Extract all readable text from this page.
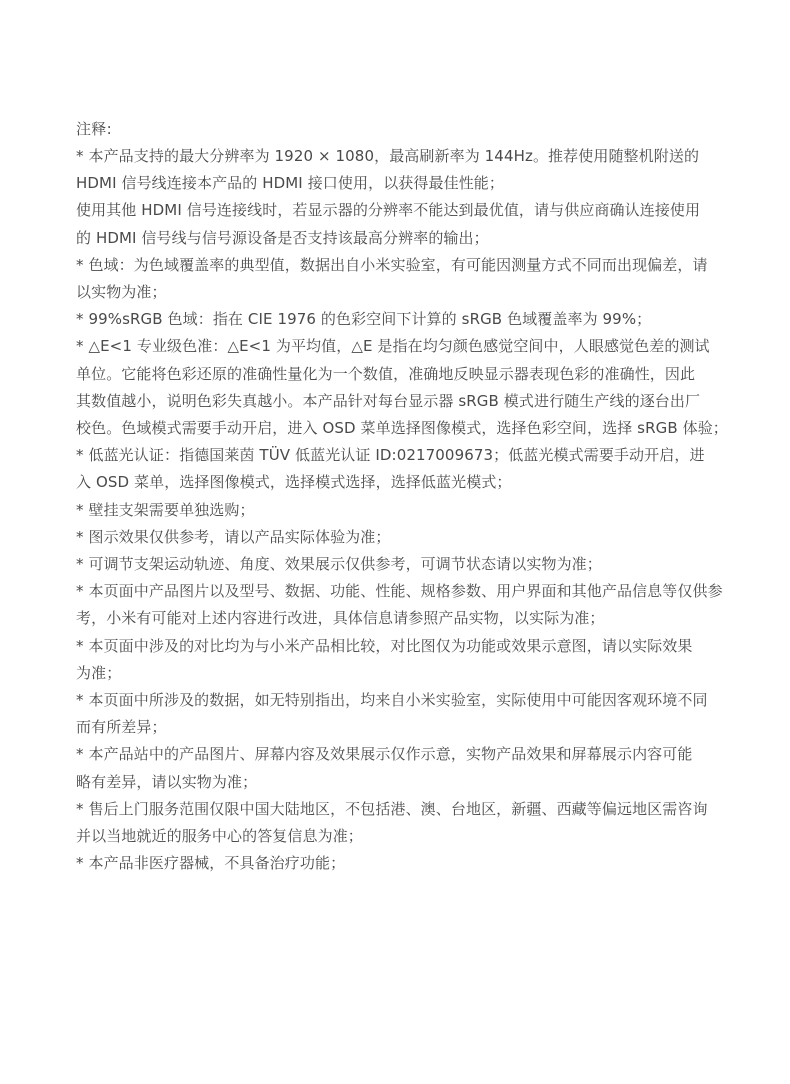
注释:
* 本产品支持的最大分辨率为 1920 × 1080，最高刷新率为 144Hz。推荐使用随整机附送的
HDMI 信号线连接本产品的 HDMI 接口使用，以获得最佳性能；
使用其他 HDMI 信号连接线时，若显示器的分辨率不能达到最优值，请与供应商确认连接使用
的 HDMI 信号线与信号源设备是否支持该最高分辨率的输出；
* 色域：为色域覆盖率的典型值，数据出自小米实验室，有可能因测量方式不同而出现偏差，请
以实物为准；
* 99%sRGB 色域：指在 CIE 1976 的色彩空间下计算的 sRGB 色域覆盖率为 99%；
* △E<1 专业级色准：△E<1 为平均值，△E 是指在均匀颜色感觉空间中，人眼感觉色差的测试
单位。它能将色彩还原的准确性量化为一个数值，准确地反映显示器表现色彩的准确性，因此
其数值越小，说明色彩失真越小。本产品针对每台显示器 sRGB 模式进行随生产线的逐台出厂
校色。色域模式需要手动开启，进入 OSD 菜单选择图像模式，选择色彩空间，选择 sRGB 体验；
* 低蓝光认证：指德国莱茵 TÜV 低蓝光认证 ID:0217009673；低蓝光模式需要手动开启，进
入 OSD 菜单，选择图像模式，选择模式选择，选择低蓝光模式；
* 壁挂支架需要单独选购；
* 图示效果仅供参考，请以产品实际体验为准；
* 可调节支架运动轨迹、角度、效果展示仅供参考，可调节状态请以实物为准；
* 本页面中产品图片以及型号、数据、功能、性能、规格参数、用户界面和其他产品信息等仅供参
考，小米有可能对上述内容进行改进，具体信息请参照产品实物，以实际为准；
* 本页面中涉及的对比均为与小米产品相比较，对比图仅为功能或效果示意图，请以实际效果
为准；
* 本页面中所涉及的数据，如无特别指出，均来自小米实验室，实际使用中可能因客观环境不同
而有所差异；
* 本产品站中的产品图片、屏幕内容及效果展示仅作示意，实物产品效果和屏幕展示内容可能
略有差异，请以实物为准；
* 售后上门服务范围仅限中国大陆地区，不包括港、澳、台地区，新疆、西藏等偏远地区需咨询
并以当地就近的服务中心的答复信息为准；
* 本产品非医疗器械，不具备治疗功能；
